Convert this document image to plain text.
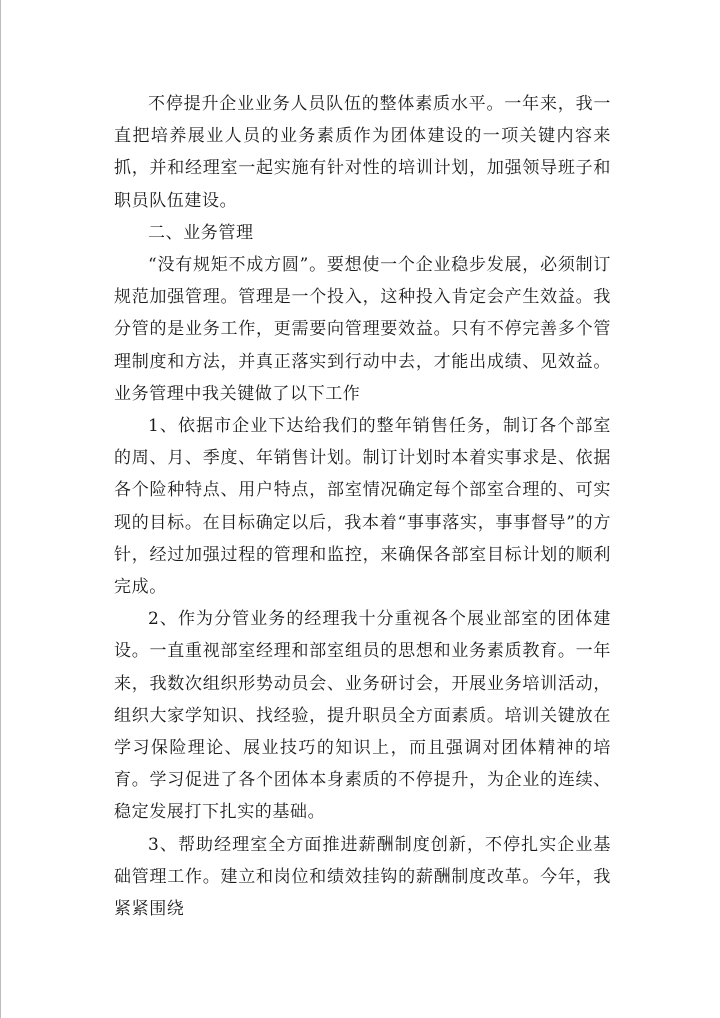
不停提升企业业务人员队伍的整体素质水平。一年来，我一直把培养展业人员的业务素质作为团体建设的一项关键内容来抓，并和经理室一起实施有针对性的培训计划，加强领导班子和职员队伍建设。

二、业务管理

“没有规矩不成方圆”。要想使一个企业稳步发展，必须制订规范加强管理。管理是一个投入，这种投入肯定会产生效益。我分管的是业务工作，更需要向管理要效益。只有不停完善多个管理制度和方法，并真正落实到行动中去，才能出成绩、见效益。业务管理中我关键做了以下工作

1、依据市企业下达给我们的整年销售任务，制订各个部室的周、月、季度、年销售计划。制订计划时本着实事求是、依据各个险种特点、用户特点，部室情况确定每个部室合理的、可实现的目标。在目标确定以后，我本着“事事落实，事事督导”的方针，经过加强过程的管理和监控，来确保各部室目标计划的顺利完成。

2、作为分管业务的经理我十分重视各个展业部室的团体建设。一直重视部室经理和部室组员的思想和业务素质教育。一年来，我数次组织形势动员会、业务研讨会，开展业务培训活动，组织大家学知识、找经验，提升职员全方面素质。培训关键放在学习保险理论、展业技巧的知识上，而且强调对团体精神的培育。学习促进了各个团体本身素质的不停提升，为企业的连续、稳定发展打下扎实的基础。

3、帮助经理室全方面推进薪酬制度创新，不停扎实企业基础管理工作。建立和岗位和绩效挂钩的薪酬制度改革。今年，我紧紧围绕
